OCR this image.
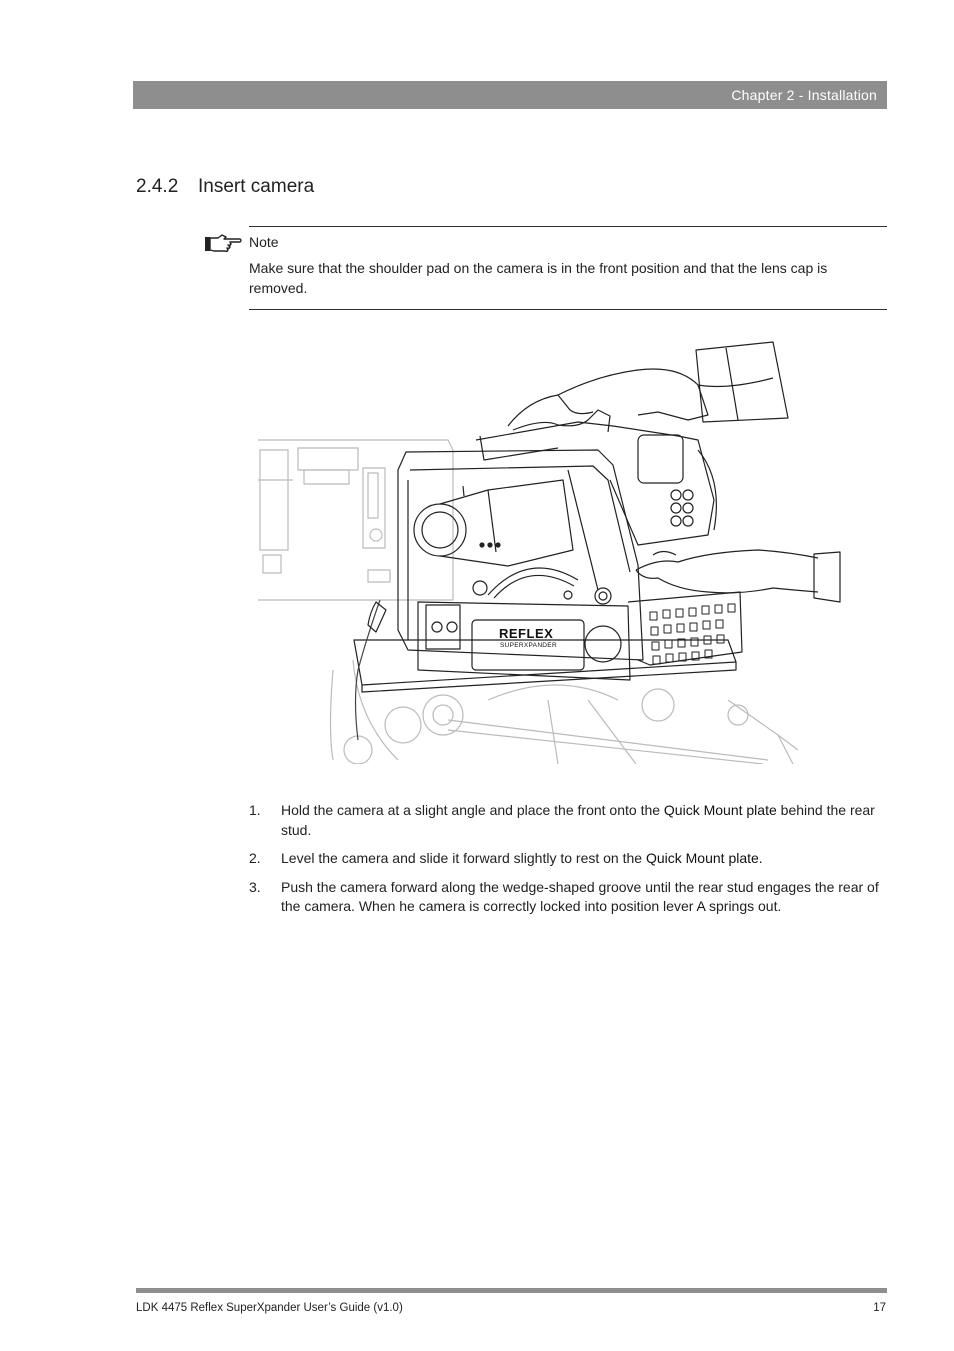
Chapter 2 - Installation
2.4.2 Insert camera
Note
Make sure that the shoulder pad on the camera is in the front position and that the lens cap is removed.
REFLEX
SUPERXPANDER
1. Hold the camera at a slight angle and place the front onto the Quick Mount plate behind the rear stud.
2. Level the camera and slide it forward slightly to rest on the Quick Mount plate.
3. Push the camera forward along the wedge-shaped groove until the rear stud engages the rear of the camera. When he camera is correctly locked into position lever A springs out.
LDK 4475 Reflex SuperXpander User’s Guide (v1.0)	17
